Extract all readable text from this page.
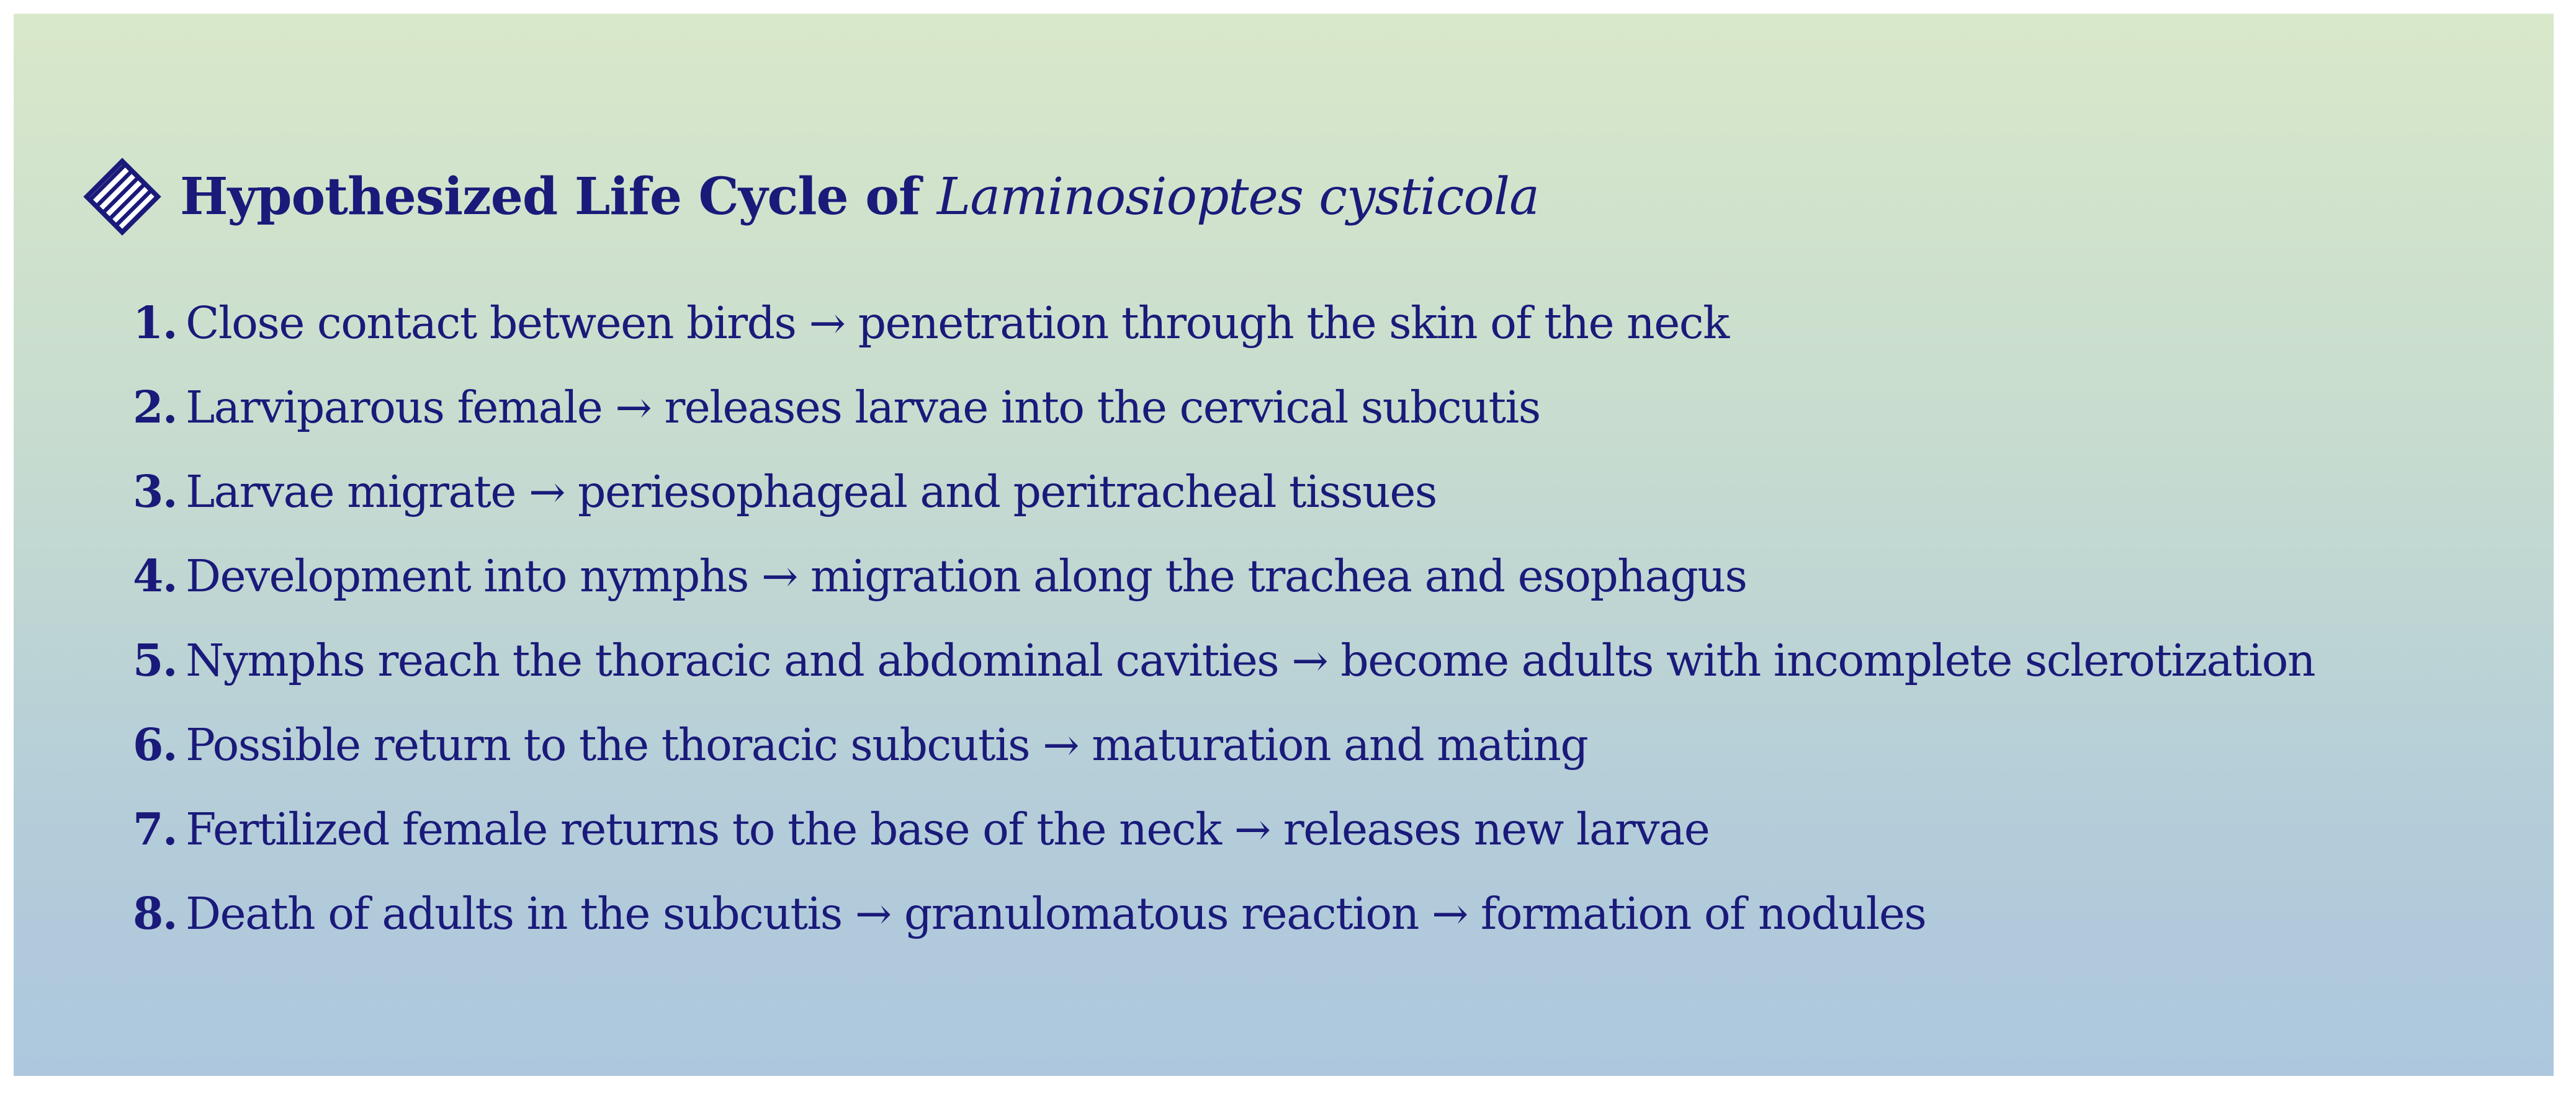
Hypothesized Life Cycle of Laminosioptes cysticola
1. Close contact between birds → penetration through the skin of the neck
2. Larviparous female → releases larvae into the cervical subcutis
3. Larvae migrate → periesophageal and peritracheal tissues
4. Development into nymphs → migration along the trachea and esophagus
5. Nymphs reach the thoracic and abdominal cavities → become adults with incomplete sclerotization
6. Possible return to the thoracic subcutis → maturation and mating
7. Fertilized female returns to the base of the neck → releases new larvae
8. Death of adults in the subcutis → granulomatous reaction → formation of nodules
